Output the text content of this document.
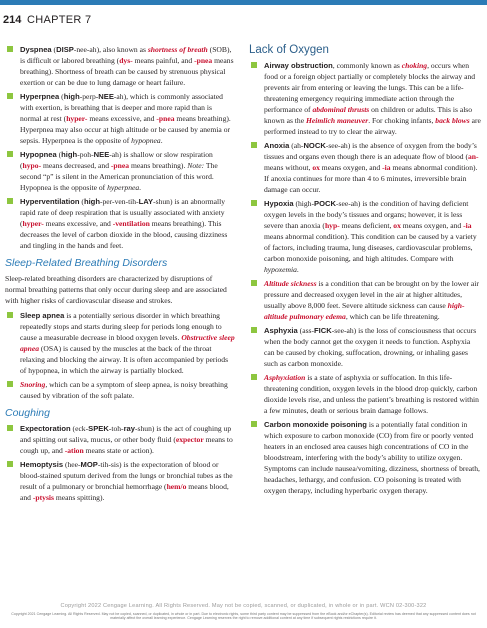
214 CHAPTER 7
Dyspnea (DISP-nee-ah), also known as shortness of breath (SOB), is difficult or labored breathing (dys- means painful, and -pnea means breathing). Shortness of breath can be caused by strenuous physical exertion or can be due to lung damage or heart failure.
Hyperpnea (high-perp-NEE-ah), which is commonly associated with exertion, is breathing that is deeper and more rapid than is normal at rest (hyper- means excessive, and -pnea means breathing). Hyperpnea may also occur at high altitude or be caused by anemia or sepsis. Hyperpnea is the opposite of hypopnea.
Hypopnea (high-poh-NEE-ah) is shallow or slow respiration (hypo- means decreased, and -pnea means breathing). Note: The second “p” is silent in the American pronunciation of this word. Hypopnea is the opposite of hyperpnea.
Hyperventilation (high-per-ven-tih-LAY-shun) is an abnormally rapid rate of deep respiration that is usually associated with anxiety (hyper- means excessive, and -ventilation means breathing). This decreases the level of carbon dioxide in the blood, causing dizziness and tingling in the hands and feet.
Sleep-Related Breathing Disorders

Sleep-related breathing disorders are characterized by disruptions of normal breathing patterns that only occur during sleep and are associated with higher risks of cardiovascular disease and strokes.

Sleep apnea is a potentially serious disorder in which breathing repeatedly stops and starts during sleep for periods long enough to cause a measurable decrease in blood oxygen levels. Obstructive sleep apnea (OSA) is caused by the muscles at the back of the throat relaxing and blocking the airway. It is often accompanied by periods of hypopnea, in which the airway is partially blocked.
Snoring, which can be a symptom of sleep apnea, is noisy breathing caused by vibration of the soft palate.
Coughing
Expectoration (eck-SPEK-toh-ray-shun) is the act of coughing up and spitting out saliva, mucus, or other body fluid (expector means to cough up, and -ation means state or action).
Hemoptysis (hee-MOP-tih-sis) is the expectoration of blood or blood-stained sputum derived from the lungs or bronchial tubes as the result of a pulmonary or bronchial hemorrhage (hem/o means blood, and -ptysis means spitting).
Lack of Oxygen
Airway obstruction, commonly known as choking, occurs when food or a foreign object partially or completely blocks the airway and prevents air from entering or leaving the lungs. This can be a life-threatening emergency requiring immediate action through the performance of abdominal thrusts on children or adults. This is also known as the Heimlich maneuver. For choking infants, back blows are performed instead to try to clear the airway.
Anoxia (ah-NOCK-see-ah) is the absence of oxygen from the body’s tissues and organs even though there is an adequate flow of blood (an- means without, ox means oxygen, and -ia means abnormal condition). If anoxia continues for more than 4 to 6 minutes, irreversible brain damage can occur.
Hypoxia (high-POCK-see-ah) is the condition of having deficient oxygen levels in the body’s tissues and organs; however, it is less severe than anoxia (hyp- means deficient, ox means oxygen, and -ia means abnormal condition). This condition can be caused by a variety of factors, including trauma, lung diseases, cardiovascular problems, carbon monoxide poisoning, and high altitudes. Compare with hypoxemia.
Altitude sickness is a condition that can be brought on by the lower air pressure and decreased oxygen level in the air at higher altitudes, usually above 8,000 feet. Severe altitude sickness can cause high-altitude pulmonary edema, which can be life threatening.
Asphyxia (ass-FICK-see-ah) is the loss of consciousness that occurs when the body cannot get the oxygen it needs to function. Asphyxia can be caused by choking, suffocation, drowning, or inhaling gases such as carbon monoxide.
Asphyxiation is a state of asphyxia or suffocation. In this life-threatening condition, oxygen levels in the blood drop quickly, carbon dioxide levels rise, and unless the patient’s breathing is restored within a few minutes, death or serious brain damage follows.
Carbon monoxide poisoning is a potentially fatal condition in which exposure to carbon monoxide (CO) from fire or poorly vented heaters in an enclosed area causes high concentrations of CO in the bloodstream, interfering with the body’s ability to utilize oxygen. Symptoms can include nausea/vomiting, dizziness, shortness of breath, headaches, lethargy, and confusion. CO poisoning is treated with oxygen therapy, including hyperbaric oxygen therapy.
Copyright 2022 Cengage Learning. All Rights Reserved. May not be copied, scanned, or duplicated, in whole or in part. WCN 02-300-322
Copyright 2021 Cengage Learning. All Rights Reserved. May not be copied, scanned, or duplicated, in whole or in part. Due to electronic rights, some third party content may be suppressed from the eBook and/or eChapter(s). Editorial review has deemed that any suppressed content does not materially affect the overall learning experience. Cengage Learning reserves the right to remove additional content at any time if subsequent rights restrictions require it.
